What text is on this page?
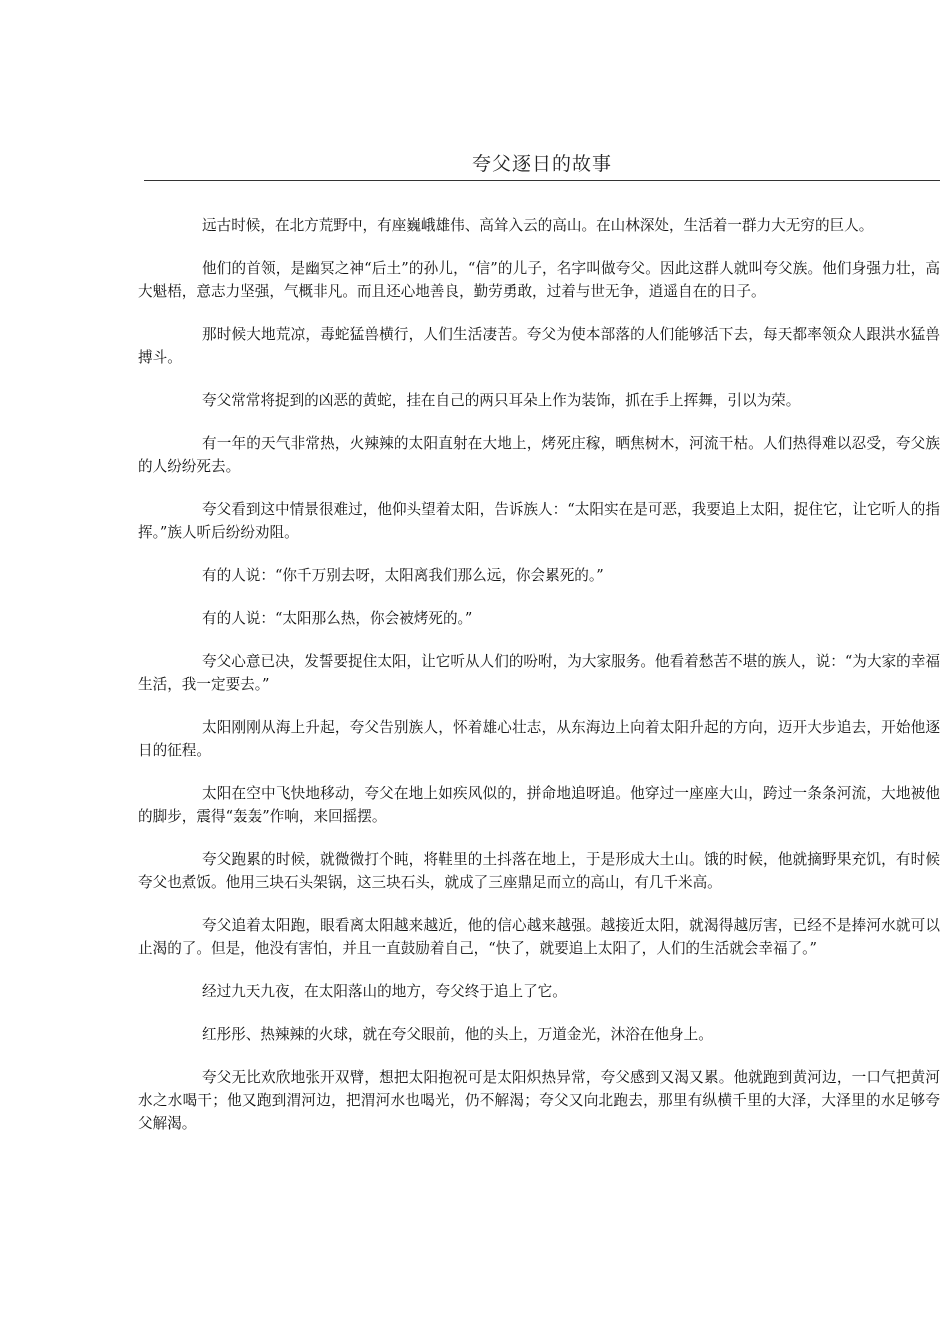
夸父逐日的故事

远古时候，在北方荒野中，有座巍峨雄伟、高耸入云的高山。在山林深处，生活着一群力大无穷的巨人。

他们的首领，是幽冥之神“后土”的孙儿，“信”的儿子，名字叫做夸父。因此这群人就叫夸父族。他们身强力壮，高大魁梧，意志力坚强，气概非凡。而且还心地善良，勤劳勇敢，过着与世无争，逍遥自在的日子。

那时候大地荒凉，毒蛇猛兽横行，人们生活凄苦。夸父为使本部落的人们能够活下去，每天都率领众人跟洪水猛兽搏斗。

夸父常常将捉到的凶恶的黄蛇，挂在自己的两只耳朵上作为装饰，抓在手上挥舞，引以为荣。

有一年的天气非常热，火辣辣的太阳直射在大地上，烤死庄稼，晒焦树木，河流干枯。人们热得难以忍受，夸父族的人纷纷死去。

夸父看到这中情景很难过，他仰头望着太阳，告诉族人：“太阳实在是可恶，我要追上太阳，捉住它，让它听人的指挥。”族人听后纷纷劝阻。

有的人说：“你千万别去呀，太阳离我们那么远，你会累死的。”

有的人说：“太阳那么热，你会被烤死的。”

夸父心意已决，发誓要捉住太阳，让它听从人们的吩咐，为大家服务。他看着愁苦不堪的族人，说：“为大家的幸福生活，我一定要去。”

太阳刚刚从海上升起，夸父告别族人，怀着雄心壮志，从东海边上向着太阳升起的方向，迈开大步追去，开始他逐日的征程。

太阳在空中飞快地移动，夸父在地上如疾风似的，拼命地追呀追。他穿过一座座大山，跨过一条条河流，大地被他的脚步，震得“轰轰”作响，来回摇摆。

夸父跑累的时候，就微微打个盹，将鞋里的土抖落在地上，于是形成大土山。饿的时候，他就摘野果充饥，有时候夸父也煮饭。他用三块石头架锅，这三块石头，就成了三座鼎足而立的高山，有几千米高。

夸父追着太阳跑，眼看离太阳越来越近，他的信心越来越强。越接近太阳，就渴得越厉害，已经不是捧河水就可以止渴的了。但是，他没有害怕，并且一直鼓励着自己，“快了，就要追上太阳了，人们的生活就会幸福了。”

经过九天九夜，在太阳落山的地方，夸父终于追上了它。

红彤彤、热辣辣的火球，就在夸父眼前，他的头上，万道金光，沐浴在他身上。

夸父无比欢欣地张开双臂，想把太阳抱祝可是太阳炽热异常，夸父感到又渴又累。他就跑到黄河边，一口气把黄河水之水喝干；他又跑到渭河边，把渭河水也喝光，仍不解渴；夸父又向北跑去，那里有纵横千里的大泽，大泽里的水足够夸父解渴。
